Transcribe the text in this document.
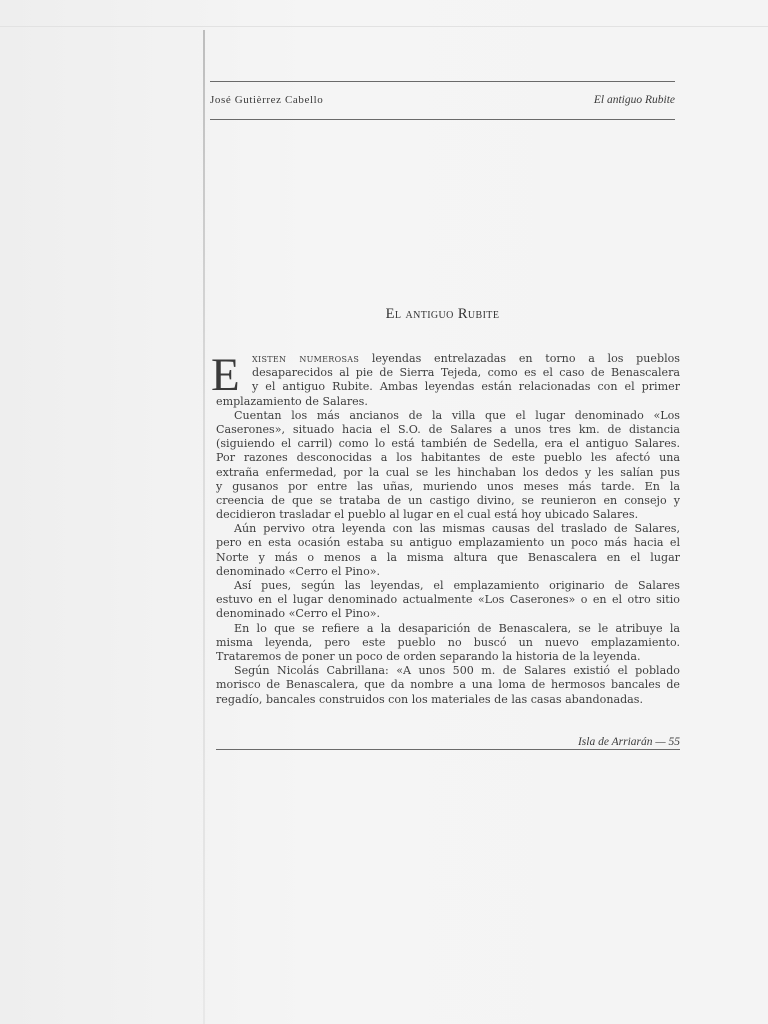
José Gutièrrez Cabello	El antiguo Rubite
El antiguo Rubite
E	xisten numerosas leyendas entrelazadas en torno a los pueblos
desaparecidos al pie de Sierra Tejeda, como es el caso de Benascalera
y el antiguo Rubite. Ambas leyendas están relacionadas con el primer
emplazamiento de Salares.
Cuentan los más ancianos de la villa que el lugar denominado «Los
Caserones», situado hacia el S.O. de Salares a unos tres km. de distancia
(siguiendo el carril) como lo está también de Sedella, era el antiguo Salares.
Por razones desconocidas a los habitantes de este pueblo les afectó una
extraña enfermedad, por la cual se les hinchaban los dedos y les salían pus
y gusanos por entre las uñas, muriendo unos meses más tarde. En la
creencia de que se trataba de un castigo divino, se reunieron en consejo y
decidieron trasladar el pueblo al lugar en el cual está hoy ubicado Salares.
Aún pervivo otra leyenda con las mismas causas del traslado de Salares,
pero en esta ocasión estaba su antiguo emplazamiento un poco más hacia el
Norte y más o menos a la misma altura que Benascalera en el lugar
denominado «Cerro el Pino».
Así pues, según las leyendas, el emplazamiento originario de Salares
estuvo en el lugar denominado actualmente «Los Caserones» o en el otro sitio
denominado «Cerro el Pino».
En lo que se refiere a la desaparición de Benascalera, se le atribuye la
misma leyenda, pero este pueblo no buscó un nuevo emplazamiento.
Trataremos de poner un poco de orden separando la historia de la leyenda.
Según Nicolás Cabrillana: «A unos 500 m. de Salares existió el poblado
morisco de Benascalera, que da nombre a una loma de hermosos bancales de
regadío, bancales construidos con los materiales de las casas abandonadas.
Isla de Arriarán — 55
